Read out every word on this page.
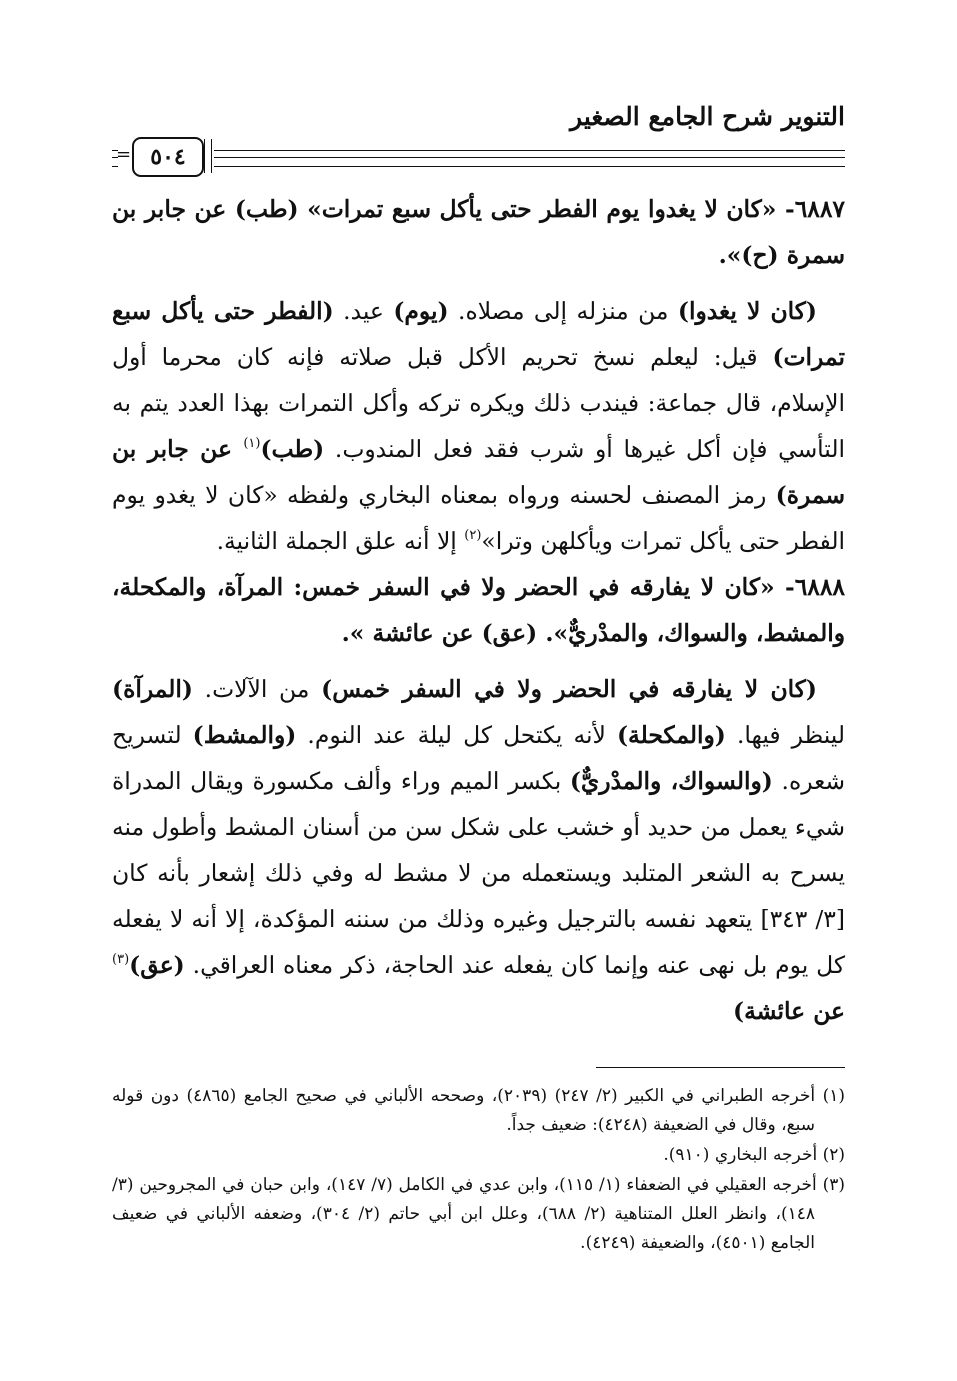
التنوير شرح الجامع الصغير
= ٥٠٤

٦٨٨٧- «كان لا يغدوا يوم الفطر حتى يأكل سبع تمرات» (طب) عن جابر بن سمرة (ح)».

(كان لا يغدوا) من منزله إلى مصلاه. (يوم) عيد. (الفطر حتى يأكل سبع تمرات) قيل: ليعلم نسخ تحريم الأكل قبل صلاته فإنه كان محرما أول الإسلام، قال جماعة: فيندب ذلك ويكره تركه وأكل التمرات بهذا العدد يتم به التأسي فإن أكل غيرها أو شرب فقد فعل المندوب. (طب)$^{(١)}$ عن جابر بن سمرة) رمز المصنف لحسنه ورواه بمعناه البخاري ولفظه «كان لا يغدو يوم الفطر حتى يأكل تمرات ويأكلهن وترا»$^{(٢)}$ إلا أنه علق الجملة الثانية.

٦٨٨٨- «كان لا يفارقه في الحضر ولا في السفر خمس: المرآة، والمكحلة، والمشط، والسواك، والمدْريٌّ». (عق) عن عائشة ».

(كان لا يفارقه في الحضر ولا في السفر خمس) من الآلات. (المرآة) لينظر فيها. (والمكحلة) لأنه يكتحل كل ليلة عند النوم. (والمشط) لتسريح شعره. (والسواك، والمدْريٌّ) بكسر الميم وراء وألف مكسورة ويقال المدراة شيء يعمل من حديد أو خشب على شكل سن من أسنان المشط وأطول منه يسرح به الشعر المتلبد ويستعمله من لا مشط له وفي ذلك إشعار بأنه كان [٣/ ٣٤٣] يتعهد نفسه بالترجيل وغيره وذلك من سننه المؤكدة، إلا أنه لا يفعله كل يوم بل نهى عنه وإنما كان يفعله عند الحاجة، ذكر معناه العراقي. (عق)$^{(٣)}$ عن عائشة)

(١) أخرجه الطبراني في الكبير (٢/ ٢٤٧) (٢٠٣٩)، وصححه الألباني في صحيح الجامع (٤٨٦٥) دون قوله سبع، وقال في الضعيفة (٤٢٤٨): ضعيف جداً.

(٢) أخرجه البخاري (٩١٠).

(٣) أخرجه العقيلي في الضعفاء (١/ ١١٥)، وابن عدي في الكامل (٧/ ١٤٧)، وابن حبان في المجروحين (٣/ ١٤٨)، وانظر العلل المتناهية (٢/ ٦٨٨)، وعلل ابن أبي حاتم (٢/ ٣٠٤)، وضعفه الألباني في ضعيف الجامع (٤٥٠١)، والضعيفة (٤٢٤٩).
